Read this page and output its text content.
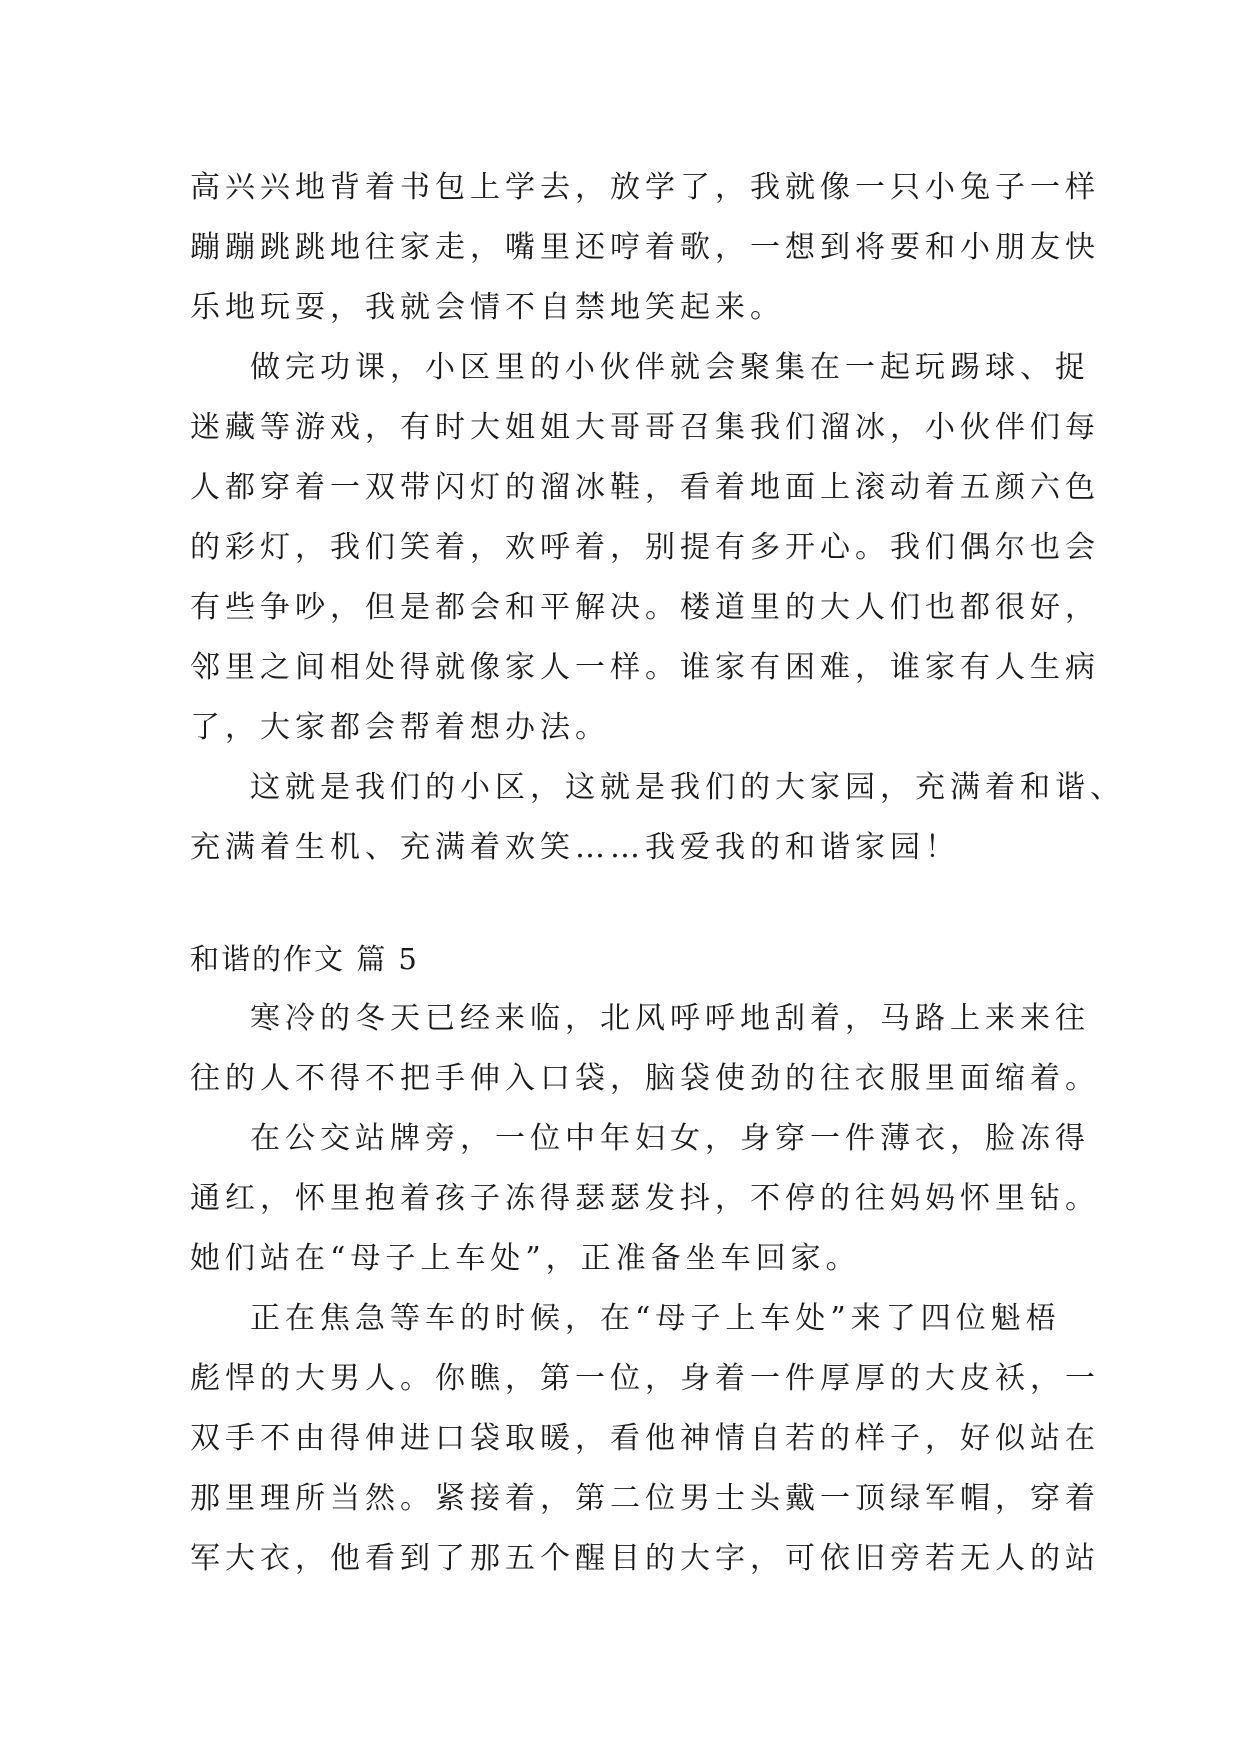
高兴兴地背着书包上学去，放学了，我就像一只小兔子一样
蹦蹦跳跳地往家走，嘴里还哼着歌，一想到将要和小朋友快
乐地玩耍，我就会情不自禁地笑起来。

做完功课，小区里的小伙伴就会聚集在一起玩踢球、捉
迷藏等游戏，有时大姐姐大哥哥召集我们溜冰，小伙伴们每
人都穿着一双带闪灯的溜冰鞋，看着地面上滚动着五颜六色
的彩灯，我们笑着，欢呼着，别提有多开心。我们偶尔也会
有些争吵，但是都会和平解决。楼道里的大人们也都很好，
邻里之间相处得就像家人一样。谁家有困难，谁家有人生病
了，大家都会帮着想办法。

这就是我们的小区，这就是我们的大家园，充满着和谐、
充满着生机、充满着欢笑……我爱我的和谐家园！

和谐的作文 篇 5

寒冷的冬天已经来临，北风呼呼地刮着，马路上来来往
往的人不得不把手伸入口袋，脑袋使劲的往衣服里面缩着。

在公交站牌旁，一位中年妇女，身穿一件薄衣，脸冻得
通红，怀里抱着孩子冻得瑟瑟发抖，不停的往妈妈怀里钻。
她们站在“母子上车处”，正准备坐车回家。

正在焦急等车的时候，在“母子上车处”来了四位魁梧
彪悍的大男人。你瞧，第一位，身着一件厚厚的大皮袄，一
双手不由得伸进口袋取暖，看他神情自若的样子，好似站在
那里理所当然。紧接着，第二位男士头戴一顶绿军帽，穿着
军大衣，他看到了那五个醒目的大字，可依旧旁若无人的站
